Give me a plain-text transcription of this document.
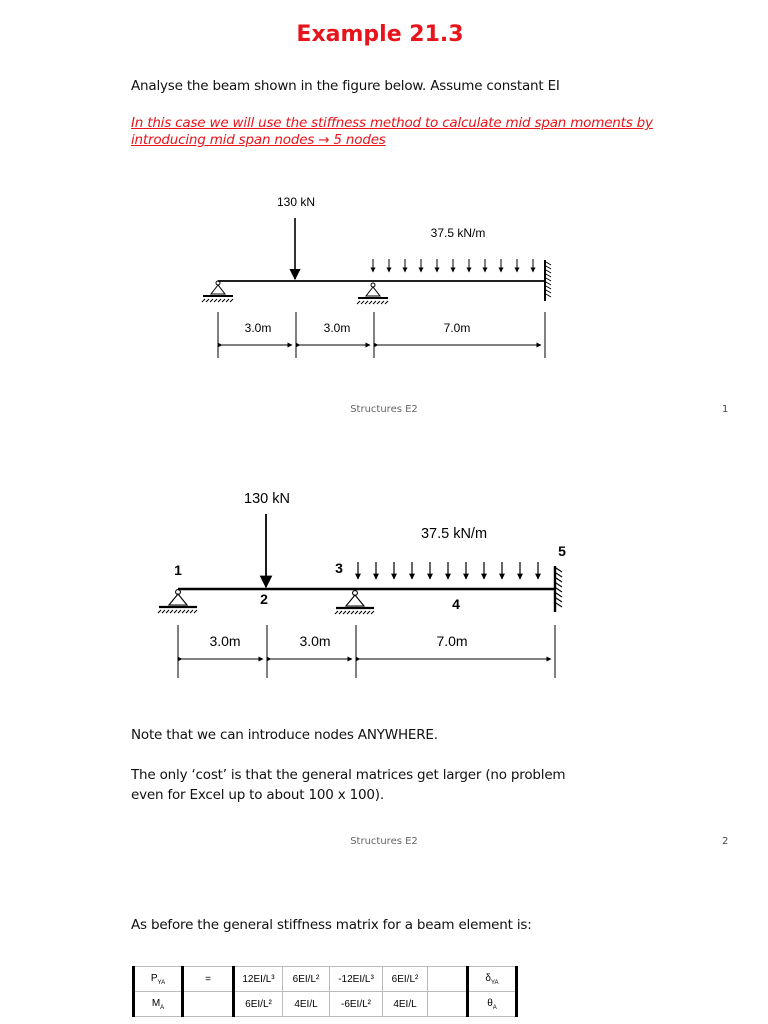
Example 21.3
Analyse the beam shown in the figure below. Assume constant EI
In this case we will use the stiffness method to calculate mid span moments by
introducing mid span nodes → 5 nodes
130 kN
37.5 kN/m
3.0m	3.0m	7.0m
Structures E2	1
130 kN
37.5 kN/m
1
2
3
4
5
3.0m	3.0m	7.0m
Note that we can introduce nodes ANYWHERE.
The only ‘cost’ is that the general matrices get larger (no problem
even for Excel up to about 100 x 100).
Structures E2	2
As before the general stiffness matrix for a beam element is:
$P_{YA}$	=	12EI/L³	6EI/L²	-12EI/L³	6EI/L²		$\delta_{YA}$
$M_A$		6EI/L²	4EI/L	-6EI/L²	4EI/L		$\theta_A$
